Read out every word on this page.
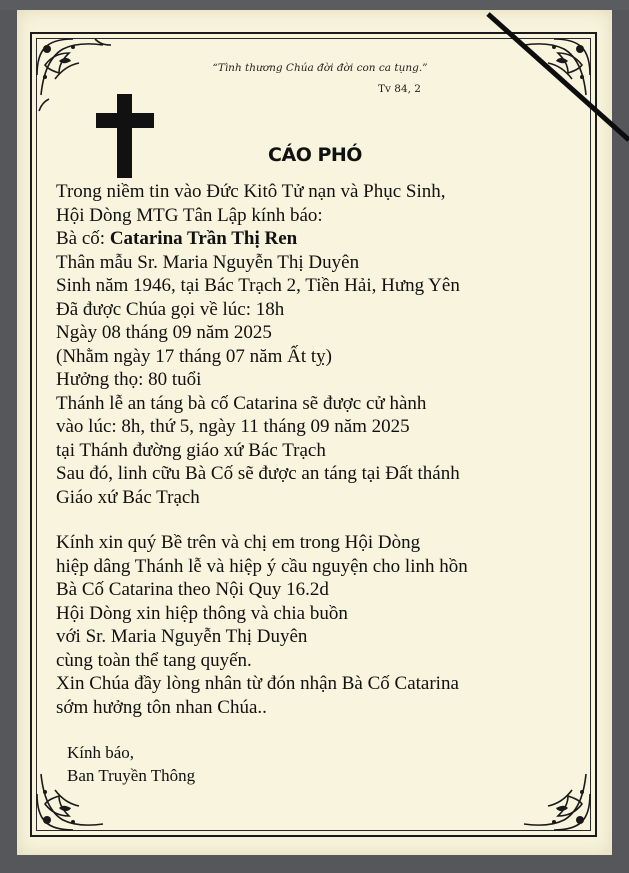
“Tình thương Chúa đời đời con ca tụng.”
Tv 84, 2
CÁO PHÓ
Trong niềm tin vào Đức Kitô Tử nạn và Phục Sinh,
Hội Dòng MTG Tân Lập kính báo:
Bà cố: Catarina Trần Thị Ren
Thân mẫu Sr. Maria Nguyễn Thị Duyên
Sinh năm 1946, tại Bác Trạch 2, Tiền Hải, Hưng Yên
Đã được Chúa gọi về lúc: 18h
Ngày 08 tháng 09 năm 2025
(Nhằm ngày 17 tháng 07 năm Ất tỵ)
Hưởng thọ: 80 tuổi
Thánh lễ an táng bà cố Catarina sẽ được cử hành
vào lúc: 8h, thứ 5, ngày 11 tháng 09 năm 2025
tại Thánh đường giáo xứ Bác Trạch
Sau đó, linh cữu Bà Cố sẽ được an táng tại Đất thánh
Giáo xứ Bác Trạch
Kính xin quý Bề trên và chị em trong Hội Dòng
hiệp dâng Thánh lễ và hiệp ý cầu nguyện cho linh hồn
Bà Cố Catarina theo Nội Quy 16.2d
Hội Dòng xin hiệp thông và chia buồn
với Sr. Maria Nguyễn Thị Duyên
cùng toàn thể tang quyến.
Xin Chúa đầy lòng nhân từ đón nhận Bà Cố Catarina
sớm hưởng tôn nhan Chúa..
Kính báo,
Ban Truyền Thông
